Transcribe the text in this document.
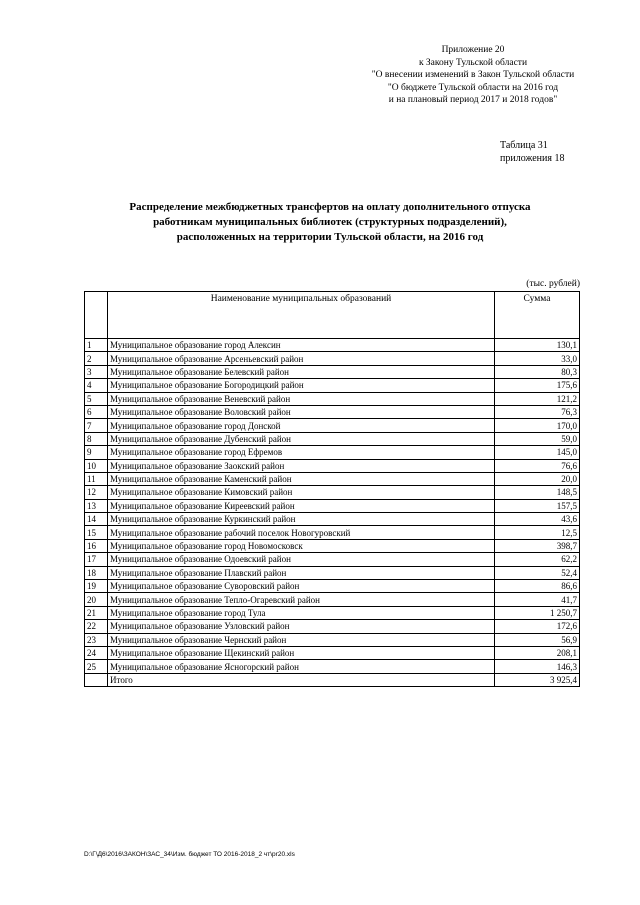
Приложение 20
к Закону Тульской области
"О внесении изменений в Закон Тульской области
"О бюджете Тульской области на 2016 год
и на плановый период 2017 и 2018 годов"
Таблица 31
приложения 18
Распределение межбюджетных трансфертов на оплату дополнительного отпуска
работникам муниципальных библиотек (структурных подразделений),
расположенных на территории Тульской области, на 2016 год
(тыс. рублей)
	Наименование муниципальных образований	Сумма
1	Муниципальное образование город Алексин	130,1
2	Муниципальное образование Арсеньевский район	33,0
3	Муниципальное образование Белевский район	80,3
4	Муниципальное образование Богородицкий район	175,6
5	Муниципальное образование Веневский район	121,2
6	Муниципальное образование Воловский район	76,3
7	Муниципальное образование город Донской	170,0
8	Муниципальное образование Дубенский район	59,0
9	Муниципальное образование город Ефремов	145,0
10	Муниципальное образование Заокский район	76,6
11	Муниципальное образование Каменский район	20,0
12	Муниципальное образование Кимовский район	148,5
13	Муниципальное образование Киреевский район	157,5
14	Муниципальное образование Куркинский район	43,6
15	Муниципальное образование рабочий поселок Новогуровский	12,5
16	Муниципальное образование город Новомосковск	398,7
17	Муниципальное образование Одоевский район	62,2
18	Муниципальное образование Плавский район	52,4
19	Муниципальное образование Суворовский район	86,6
20	Муниципальное образование Тепло-Огаревский район	41,7
21	Муниципальное образование город Тула	1 250,7
22	Муниципальное образование Узловский район	172,6
23	Муниципальное образование Чернский район	56,9
24	Муниципальное образование Щекинский район	208,1
25	Муниципальное образование Ясногорский район	146,3
	Итого	3 925,4
D:\Г\Д6\2016\ЗАКОН\ЗАС_34\Изм. бюджет ТО 2016-2018_2 чт\pr20.xls
